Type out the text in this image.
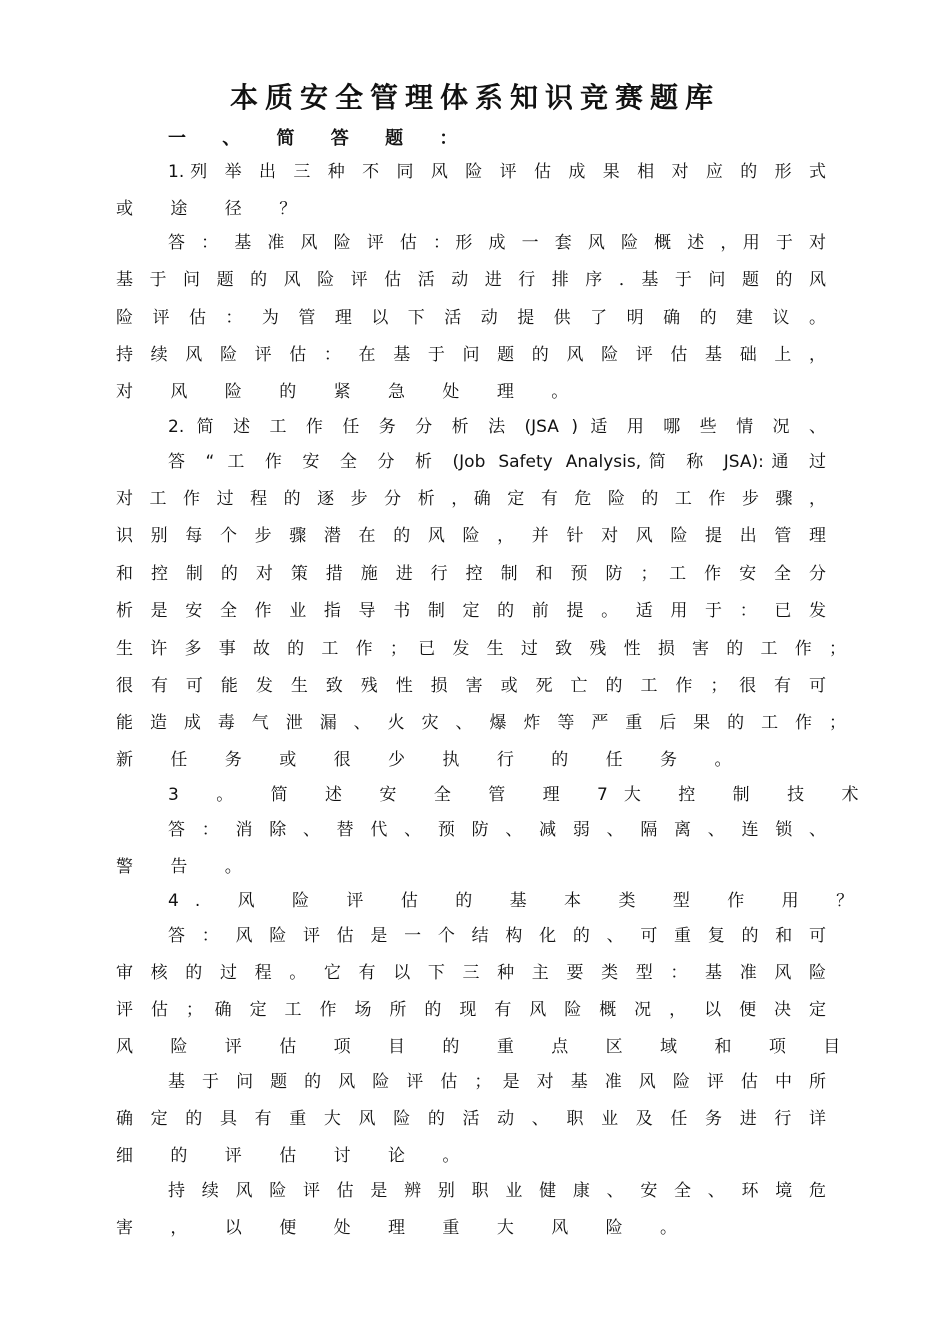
本质安全管理体系知识竞赛题库
一 、 简 答 题 ：
1.列 举 出 三 种 不 同 风 险 评 估 成 果 相 对 应 的 形 式
或 途 径 ？
答 ： 基 准 风 险 评 估 ：形 成 一 套 风 险 概 述 ，用 于 对
基 于 问 题 的 风 险 评 估 活 动 进 行 排 序 ．基 于 问 题 的 风
险 评 估 ： 为 管 理 以 下 活 动 提 供 了 明 确 的 建 议 。
持 续 风 险 评 估 ： 在 基 于 问 题 的 风 险 评 估 基 础 上 ，
对 风 险 的 紧 急 处 理 。
2. 简 述 工 作 任 务 分 析 法 (JSA ) 适 用 哪 些 情 况 、
答 “ 工 作 安 全 分 析 (Job Safety Analysis,简 称 JSA):通 过
对 工 作 过 程 的 逐 步 分 析 ，确 定 有 危 险 的 工 作 步 骤 ，
识 别 每 个 步 骤 潜 在 的 风 险 ， 并 针 对 风 险 提 出 管 理
和 控 制 的 对 策 措 施 进 行 控 制 和 预 防 ； 工 作 安 全 分
析 是 安 全 作 业 指 导 书 制 定 的 前 提 。 适 用 于 ： 已 发
生 许 多 事 故 的 工 作 ； 已 发 生 过 致 残 性 损 害 的 工 作 ；
很 有 可 能 发 生 致 残 性 损 害 或 死 亡 的 工 作 ； 很 有 可
能 造 成 毒 气 泄 漏 、 火 灾 、 爆 炸 等 严 重 后 果 的 工 作 ；
新 任 务 或 很 少 执 行 的 任 务 。
3 。 简 述 安 全 管 理 7大 控 制 技 术
答 ： 消 除 、 替 代 、 预 防 、 减 弱 、 隔 离 、 连 锁 、
警 告 。
4. 风 险 评 估 的 基 本 类 型 作 用 ？
答 ： 风 险 评 估 是 一 个 结 构 化 的 、 可 重 复 的 和 可
审 核 的 过 程 。 它 有 以 下 三 种 主 要 类 型 ： 基 准 风 险
评 估 ； 确 定 工 作 场 所 的 现 有 风 险 概 况 ， 以 便 决 定
风 险 评 估 项 目 的 重 点 区 域 和 项 目
基 于 问 题 的 风 险 评 估 ； 是 对 基 准 风 险 评 估 中 所
确 定 的 具 有 重 大 风 险 的 活 动 、 职 业 及 任 务 进 行 详
细 的 评 估 讨 论 。
持 续 风 险 评 估 是 辨 别 职 业 健 康 、 安 全 、 环 境 危
害 ， 以 便 处 理 重 大 风 险 。
